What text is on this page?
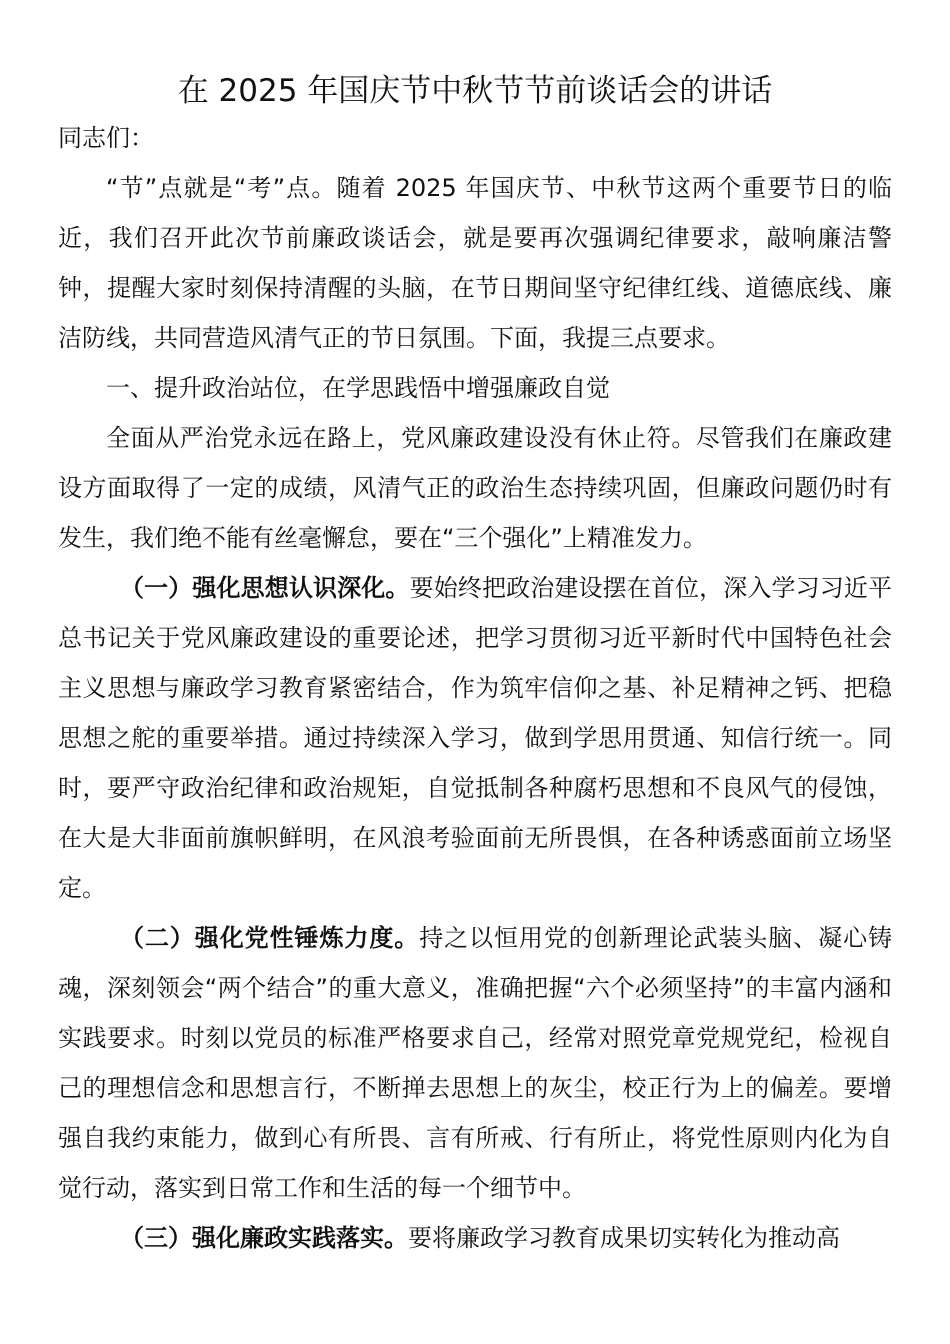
在 2025 年国庆节中秋节节前谈话会的讲话

同志们：

“节”点就是“考”点。随着 2025 年国庆节、中秋节这两个重要节日的临近，我们召开此次节前廉政谈话会，就是要再次强调纪律要求，敲响廉洁警钟，提醒大家时刻保持清醒的头脑，在节日期间坚守纪律红线、道德底线、廉洁防线，共同营造风清气正的节日氛围。下面，我提三点要求。

一、提升政治站位，在学思践悟中增强廉政自觉

全面从严治党永远在路上，党风廉政建设没有休止符。尽管我们在廉政建设方面取得了一定的成绩，风清气正的政治生态持续巩固，但廉政问题仍时有发生，我们绝不能有丝毫懈怠，要在“三个强化”上精准发力。

（一）强化思想认识深化。要始终把政治建设摆在首位，深入学习习近平总书记关于党风廉政建设的重要论述，把学习贯彻习近平新时代中国特色社会主义思想与廉政学习教育紧密结合，作为筑牢信仰之基、补足精神之钙、把稳思想之舵的重要举措。通过持续深入学习，做到学思用贯通、知信行统一。同时，要严守政治纪律和政治规矩，自觉抵制各种腐朽思想和不良风气的侵蚀，在大是大非面前旗帜鲜明，在风浪考验面前无所畏惧，在各种诱惑面前立场坚定。

（二）强化党性锤炼力度。持之以恒用党的创新理论武装头脑、凝心铸魂，深刻领会“两个结合”的重大意义，准确把握“六个必须坚持”的丰富内涵和实践要求。时刻以党员的标准严格要求自己，经常对照党章党规党纪，检视自己的理想信念和思想言行，不断掸去思想上的灰尘，校正行为上的偏差。要增强自我约束能力，做到心有所畏、言有所戒、行有所止，将党性原则内化为自觉行动，落实到日常工作和生活的每一个细节中。

（三）强化廉政实践落实。要将廉政学习教育成果切实转化为推动高
